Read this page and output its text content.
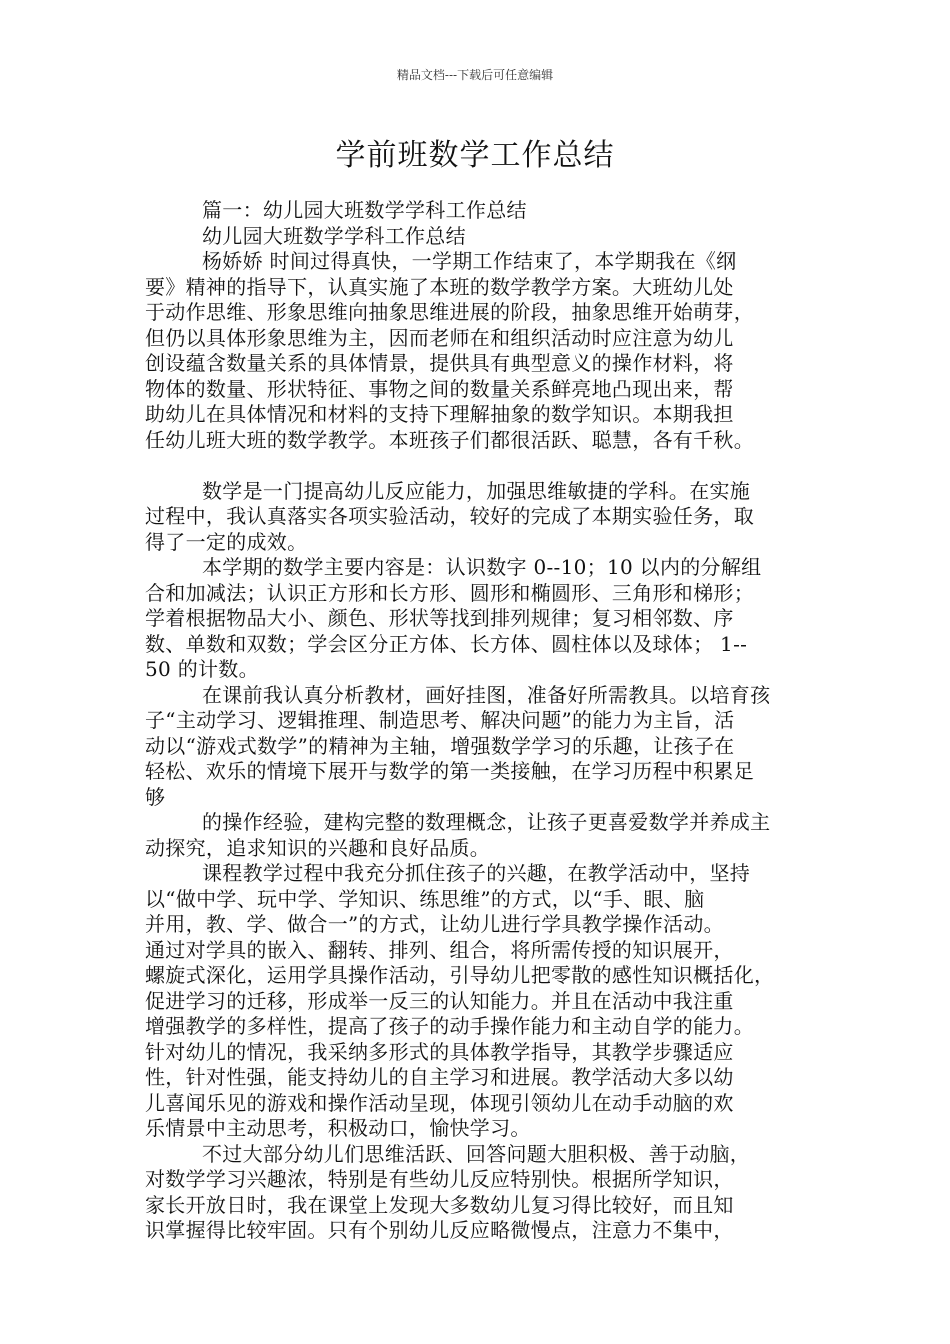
精品文档---下载后可任意编辑
学前班数学工作总结
篇一：幼儿园大班数学学科工作总结
幼儿园大班数学学科工作总结
杨娇娇 时间过得真快，一学期工作结束了，本学期我在《纲
要》精神的指导下，认真实施了本班的数学教学方案。大班幼儿处
于动作思维、形象思维向抽象思维进展的阶段，抽象思维开始萌芽，
但仍以具体形象思维为主，因而老师在和组织活动时应注意为幼儿
创设蕴含数量关系的具体情景，提供具有典型意义的操作材料，将
物体的数量、形状特征、事物之间的数量关系鲜亮地凸现出来，帮
助幼儿在具体情况和材料的支持下理解抽象的数学知识。本期我担
任幼儿班大班的数学教学。本班孩子们都很活跃、聪慧，各有千秋。
数学是一门提高幼儿反应能力，加强思维敏捷的学科。在实施
过程中，我认真落实各项实验活动，较好的完成了本期实验任务，取
得了一定的成效。
本学期的数学主要内容是：认识数字 0--10；10 以内的分解组
合和加减法；认识正方形和长方形、圆形和椭圆形、三角形和梯形；
学着根据物品大小、颜色、形状等找到排列规律；复习相邻数、序
数、单数和双数；学会区分正方体、长方体、圆柱体以及球体； 1--
50 的计数。
在课前我认真分析教材，画好挂图，准备好所需教具。以培育孩
子“主动学习、逻辑推理、制造思考、解决问题”的能力为主旨，活
动以“游戏式数学”的精神为主轴，增强数学学习的乐趣，让孩子在
轻松、欢乐的情境下展开与数学的第一类接触，在学习历程中积累足
够
的操作经验，建构完整的数理概念，让孩子更喜爱数学并养成主
动探究，追求知识的兴趣和良好品质。
课程教学过程中我充分抓住孩子的兴趣，在教学活动中，坚持
以“做中学、玩中学、学知识、练思维”的方式，以“手、眼、脑
并用，教、学、做合一”的方式，让幼儿进行学具教学操作活动。
通过对学具的嵌入、翻转、排列、组合，将所需传授的知识展开，
螺旋式深化，运用学具操作活动，引导幼儿把零散的感性知识概括化，
促进学习的迁移，形成举一反三的认知能力。并且在活动中我注重
增强教学的多样性，提高了孩子的动手操作能力和主动自学的能力。
针对幼儿的情况，我采纳多形式的具体教学指导，其教学步骤适应
性，针对性强，能支持幼儿的自主学习和进展。教学活动大多以幼
儿喜闻乐见的游戏和操作活动呈现，体现引领幼儿在动手动脑的欢
乐情景中主动思考，积极动口，愉快学习。
不过大部分幼儿们思维活跃、回答问题大胆积极、善于动脑，
对数学学习兴趣浓，特别是有些幼儿反应特别快。根据所学知识，
家长开放日时，我在课堂上发现大多数幼儿复习得比较好，而且知
识掌握得比较牢固。只有个别幼儿反应略微慢点，注意力不集中，
